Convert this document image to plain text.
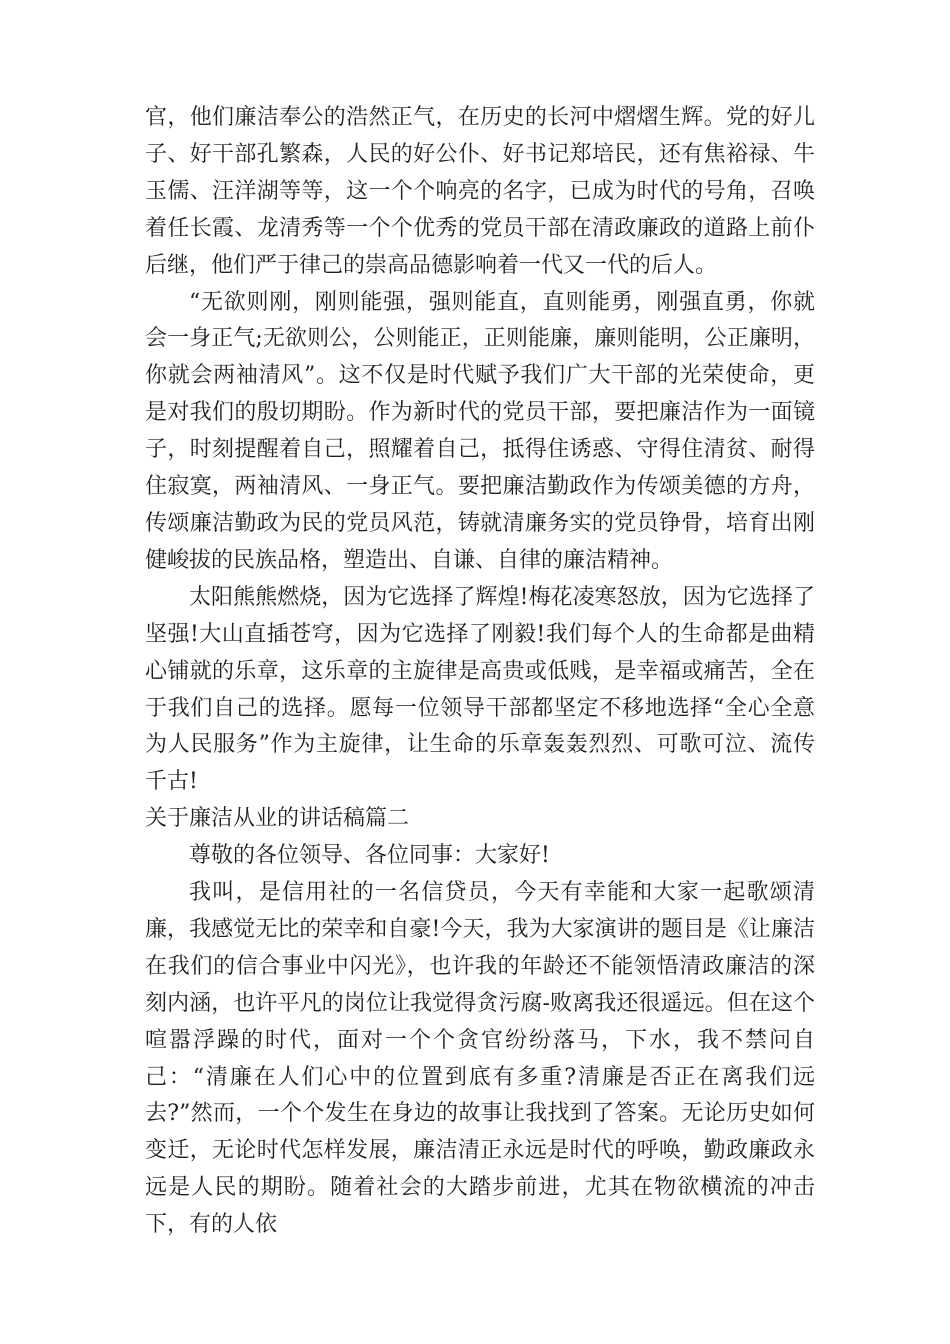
官，他们廉洁奉公的浩然正气，在历史的长河中熠熠生辉。党的好儿子、好干部孔繁森，人民的好公仆、好书记郑培民，还有焦裕禄、牛玉儒、汪洋湖等等，这一个个响亮的名字，已成为时代的号角，召唤着任长霞、龙清秀等一个个优秀的党员干部在清政廉政的道路上前仆后继，他们严于律己的崇高品德影响着一代又一代的后人。

“无欲则刚，刚则能强，强则能直，直则能勇，刚强直勇，你就会一身正气;无欲则公，公则能正，正则能廉，廉则能明，公正廉明，你就会两袖清风”。这不仅是时代赋予我们广大干部的光荣使命，更是对我们的殷切期盼。作为新时代的党员干部，要把廉洁作为一面镜子，时刻提醒着自己，照耀着自己，抵得住诱惑、守得住清贫、耐得住寂寞，两袖清风、一身正气。要把廉洁勤政作为传颂美德的方舟，传颂廉洁勤政为民的党员风范，铸就清廉务实的党员铮骨，培育出刚健峻拔的民族品格，塑造出、自谦、自律的廉洁精神。

太阳熊熊燃烧，因为它选择了辉煌!梅花凌寒怒放，因为它选择了坚强!大山直插苍穹，因为它选择了刚毅!我们每个人的生命都是曲精心铺就的乐章，这乐章的主旋律是高贵或低贱，是幸福或痛苦，全在于我们自己的选择。愿每一位领导干部都坚定不移地选择“全心全意为人民服务”作为主旋律，让生命的乐章轰轰烈烈、可歌可泣、流传千古!

关于廉洁从业的讲话稿篇二

尊敬的各位领导、各位同事：大家好!

我叫，是信用社的一名信贷员，今天有幸能和大家一起歌颂清廉，我感觉无比的荣幸和自豪!今天，我为大家演讲的题目是《让廉洁在我们的信合事业中闪光》，也许我的年龄还不能领悟清政廉洁的深刻内涵，也许平凡的岗位让我觉得贪污腐-败离我还很遥远。但在这个喧嚣浮躁的时代，面对一个个贪官纷纷落马，下水，我不禁问自己：“清廉在人们心中的位置到底有多重?清廉是否正在离我们远去?”然而，一个个发生在身边的故事让我找到了答案。无论历史如何变迁，无论时代怎样发展，廉洁清正永远是时代的呼唤，勤政廉政永远是人民的期盼。随着社会的大踏步前进，尤其在物欲横流的冲击下，有的人依
